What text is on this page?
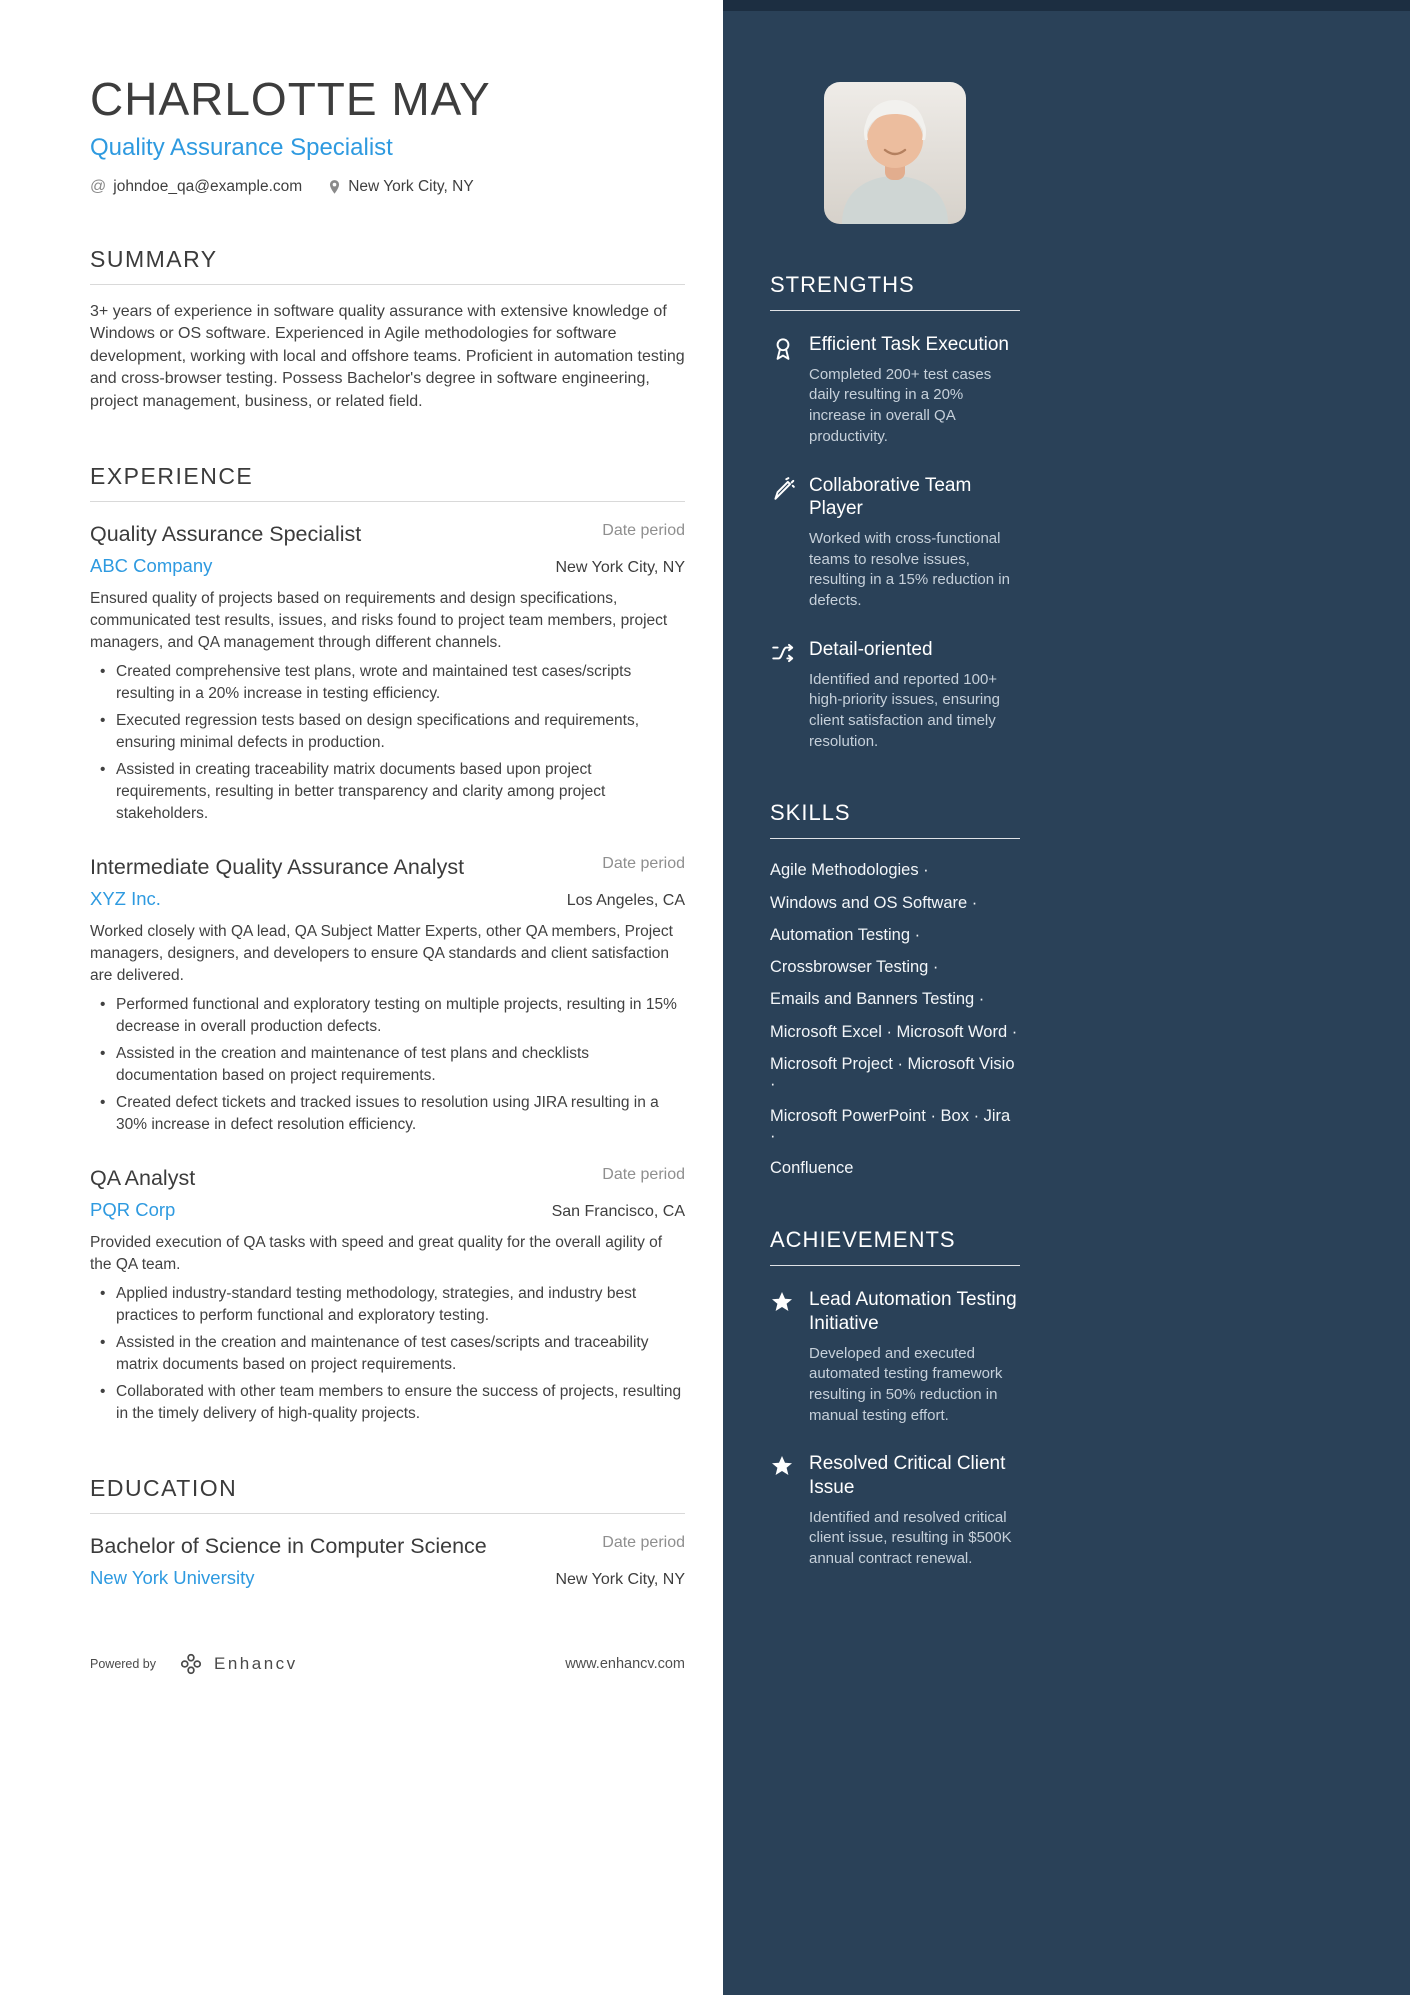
CHARLOTTE MAY
Quality Assurance Specialist
@ johndoe_qa@example.com	New York City, NY
SUMMARY

3+ years of experience in software quality assurance with extensive knowledge of Windows or OS software. Experienced in Agile methodologies for software development, working with local and offshore teams. Proficient in automation testing and cross-browser testing. Possess Bachelor's degree in software engineering, project management, business, or related field.

EXPERIENCE
Quality Assurance Specialist	Date period
ABC Company	New York City, NY

Ensured quality of projects based on requirements and design specifications, communicated test results, issues, and risks found to project team members, project managers, and QA management through different channels.

• Created comprehensive test plans, wrote and maintained test cases/scripts resulting in a 20% increase in testing efficiency.
• Executed regression tests based on design specifications and requirements, ensuring minimal defects in production.
• Assisted in creating traceability matrix documents based upon project requirements, resulting in better transparency and clarity among project stakeholders.
Intermediate Quality Assurance Analyst	Date period
XYZ Inc.	Los Angeles, CA

Worked closely with QA lead, QA Subject Matter Experts, other QA members, Project managers, designers, and developers to ensure QA standards and client satisfaction are delivered.

• Performed functional and exploratory testing on multiple projects, resulting in 15% decrease in overall production defects.
• Assisted in the creation and maintenance of test plans and checklists documentation based on project requirements.
• Created defect tickets and tracked issues to resolution using JIRA resulting in a 30% increase in defect resolution efficiency.
QA Analyst	Date period
PQR Corp	San Francisco, CA

Provided execution of QA tasks with speed and great quality for the overall agility of the QA team.

• Applied industry-standard testing methodology, strategies, and industry best practices to perform functional and exploratory testing.
• Assisted in the creation and maintenance of test cases/scripts and traceability matrix documents based on project requirements.
• Collaborated with other team members to ensure the success of projects, resulting in the timely delivery of high-quality projects.
EDUCATION
Bachelor of Science in Computer Science	Date period
New York University	New York City, NY
Powered by	Enhancv	www.enhancv.com
STRENGTHS
Efficient Task Execution
Completed 200+ test cases daily resulting in a 20% increase in overall QA productivity.
Collaborative Team Player
Worked with cross-functional teams to resolve issues, resulting in a 15% reduction in defects.
Detail-oriented
Identified and reported 100+ high-priority issues, ensuring client satisfaction and timely resolution.
SKILLS
Agile Methodologies ·
Windows and OS Software ·
Automation Testing ·
Crossbrowser Testing ·
Emails and Banners Testing ·
Microsoft Excel · Microsoft Word ·
Microsoft Project · Microsoft Visio ·
Microsoft PowerPoint · Box · Jira ·
Confluence
ACHIEVEMENTS
Lead Automation Testing Initiative
Developed and executed automated testing framework resulting in 50% reduction in manual testing effort.
Resolved Critical Client Issue
Identified and resolved critical client issue, resulting in $500K annual contract renewal.
